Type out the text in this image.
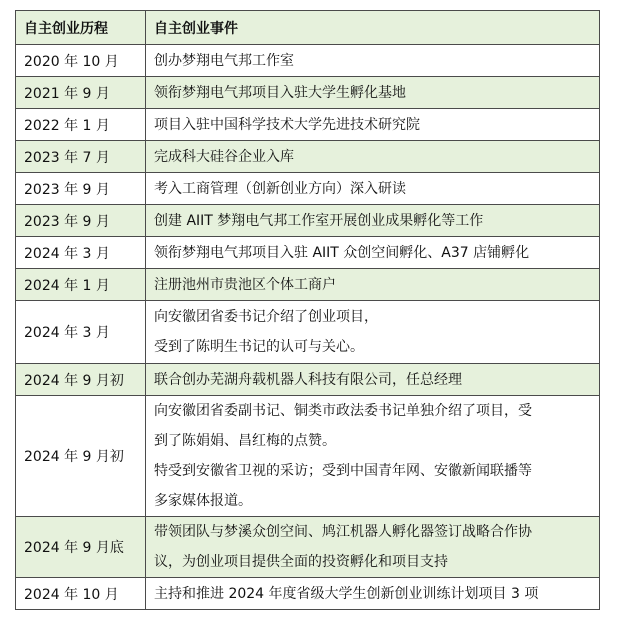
自主创业历程	自主创业事件
2020 年 10 月	创办梦翔电气邦工作室

2021 年 9 月	领衔梦翔电气邦项目入驻大学生孵化基地

2022 年 1 月	项目入驻中国科学技术大学先进技术研究院

2023 年 7 月	完成科大硅谷企业入库

2023 年 9 月	考入工商管理（创新创业方向）深入研读

2023 年 9 月	创建 AIIT 梦翔电气邦工作室开展创业成果孵化等工作

2024 年 3 月	领衔梦翔电气邦项目入驻 AIIT 众创空间孵化、A37 店铺孵化

2024 年 1 月	注册池州市贵池区个体工商户

2024 年 3 月	向安徽团省委书记介绍了创业项目，

受到了陈明生书记的认可与关心。

2024 年 9 月初	联合创办芜湖舟载机器人科技有限公司，任总经理

2024 年 9 月初	向安徽团省委副书记、铜类市政法委书记单独介绍了项目，受

到了陈娟娟、昌红梅的点赞。

特受到安徽省卫视的采访；受到中国青年网、安徽新闻联播等

多家媒体报道。

2024 年 9 月底	带领团队与梦溪众创空间、鸠江机器人孵化器签订战略合作协

议，为创业项目提供全面的投资孵化和项目支持

2024 年 10 月	主持和推进 2024 年度省级大学生创新创业训练计划项目 3 项
